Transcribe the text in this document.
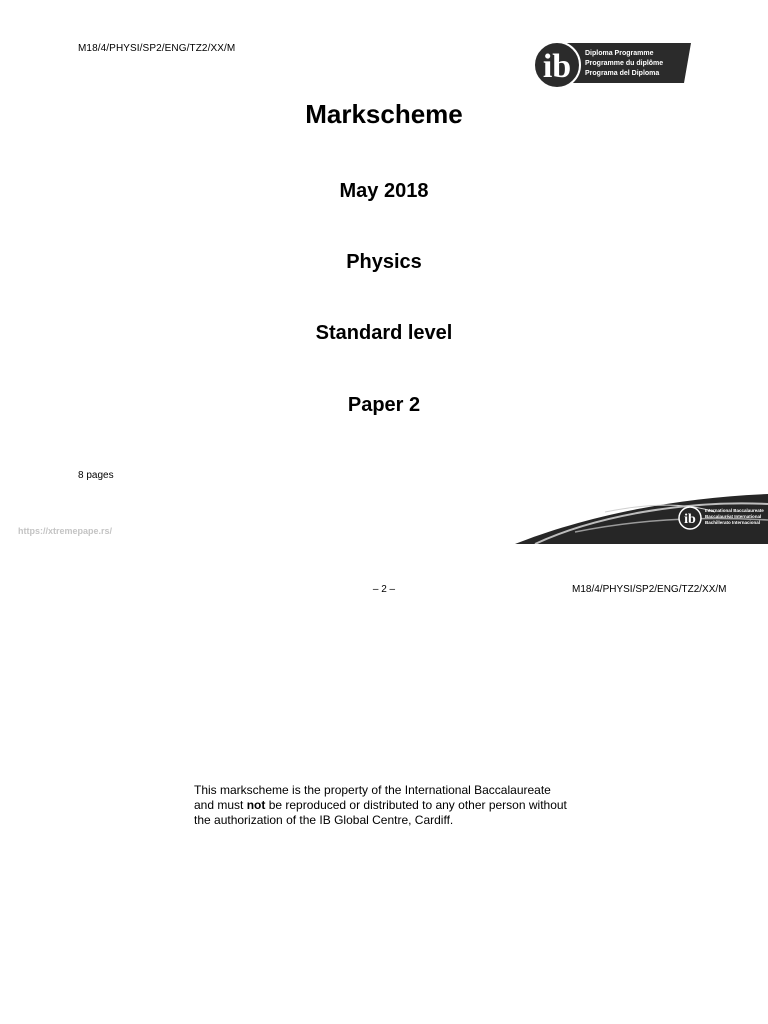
M18/4/PHYSI/SP2/ENG/TZ2/XX/M	ib Diploma Programme
Programme du diplôme
Programa del Diploma
Markscheme
May 2018
Physics
Standard level
Paper 2
8 pages
https://xtremepape.rs/
ib
International Baccalaureate
Baccalauréat International
Bachillerato Internacional
– 2 –	M18/4/PHYSI/SP2/ENG/TZ2/XX/M
This markscheme is the property of the International Baccalaureate and must not be reproduced or distributed to any other person without the authorization of the IB Global Centre, Cardiff.
